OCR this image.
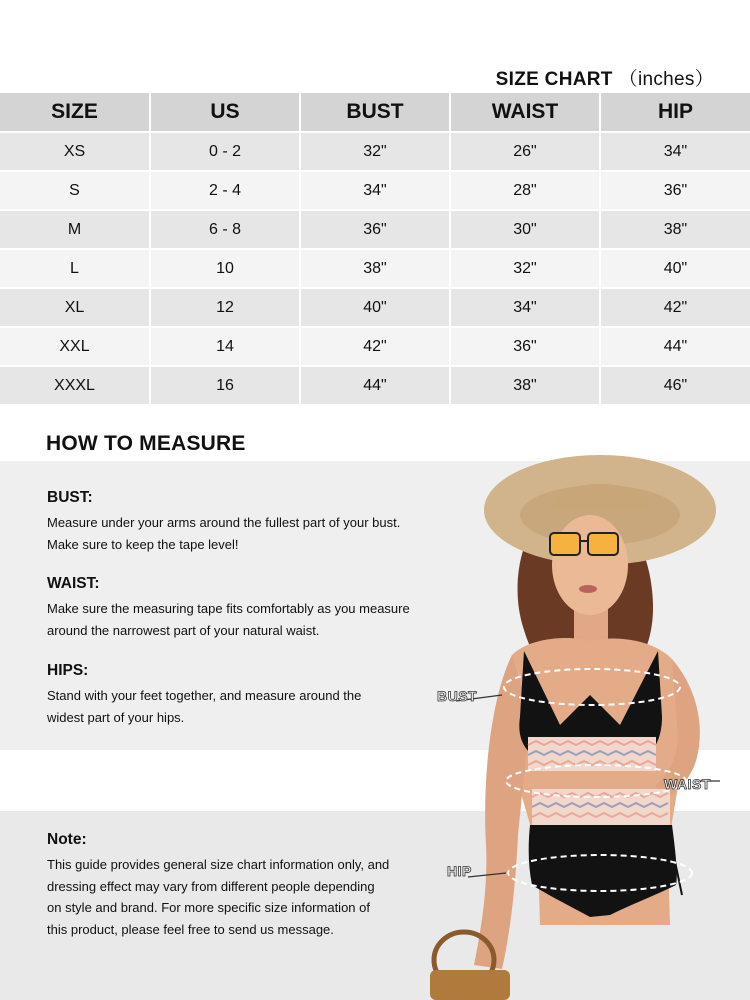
SIZE CHART （inches）
SIZE	US	BUST	WAIST	HIP
XS	0 - 2	32"	26"	34"
S	2 - 4	34"	28"	36"
M	6 - 8	36"	30"	38"
L	10	38"	32"	40"
XL	12	40"	34"	42"
XXL	14	42"	36"	44"
XXXL	16	44"	38"	46"
HOW TO MEASURE
BUST:
Measure under your arms around the fullest part of your bust.
Make sure to keep the tape level!
WAIST:
Make sure the measuring tape fits comfortably as you measure
around the narrowest part of your natural waist.
HIPS:
Stand with your feet together, and measure around the
widest part of your hips.
Note:
This guide provides general size chart information only, and
dressing effect may vary from different people depending
on style and brand. For more specific size information of
this product, please feel free to send us message.
BUST
WAIST
HIP
